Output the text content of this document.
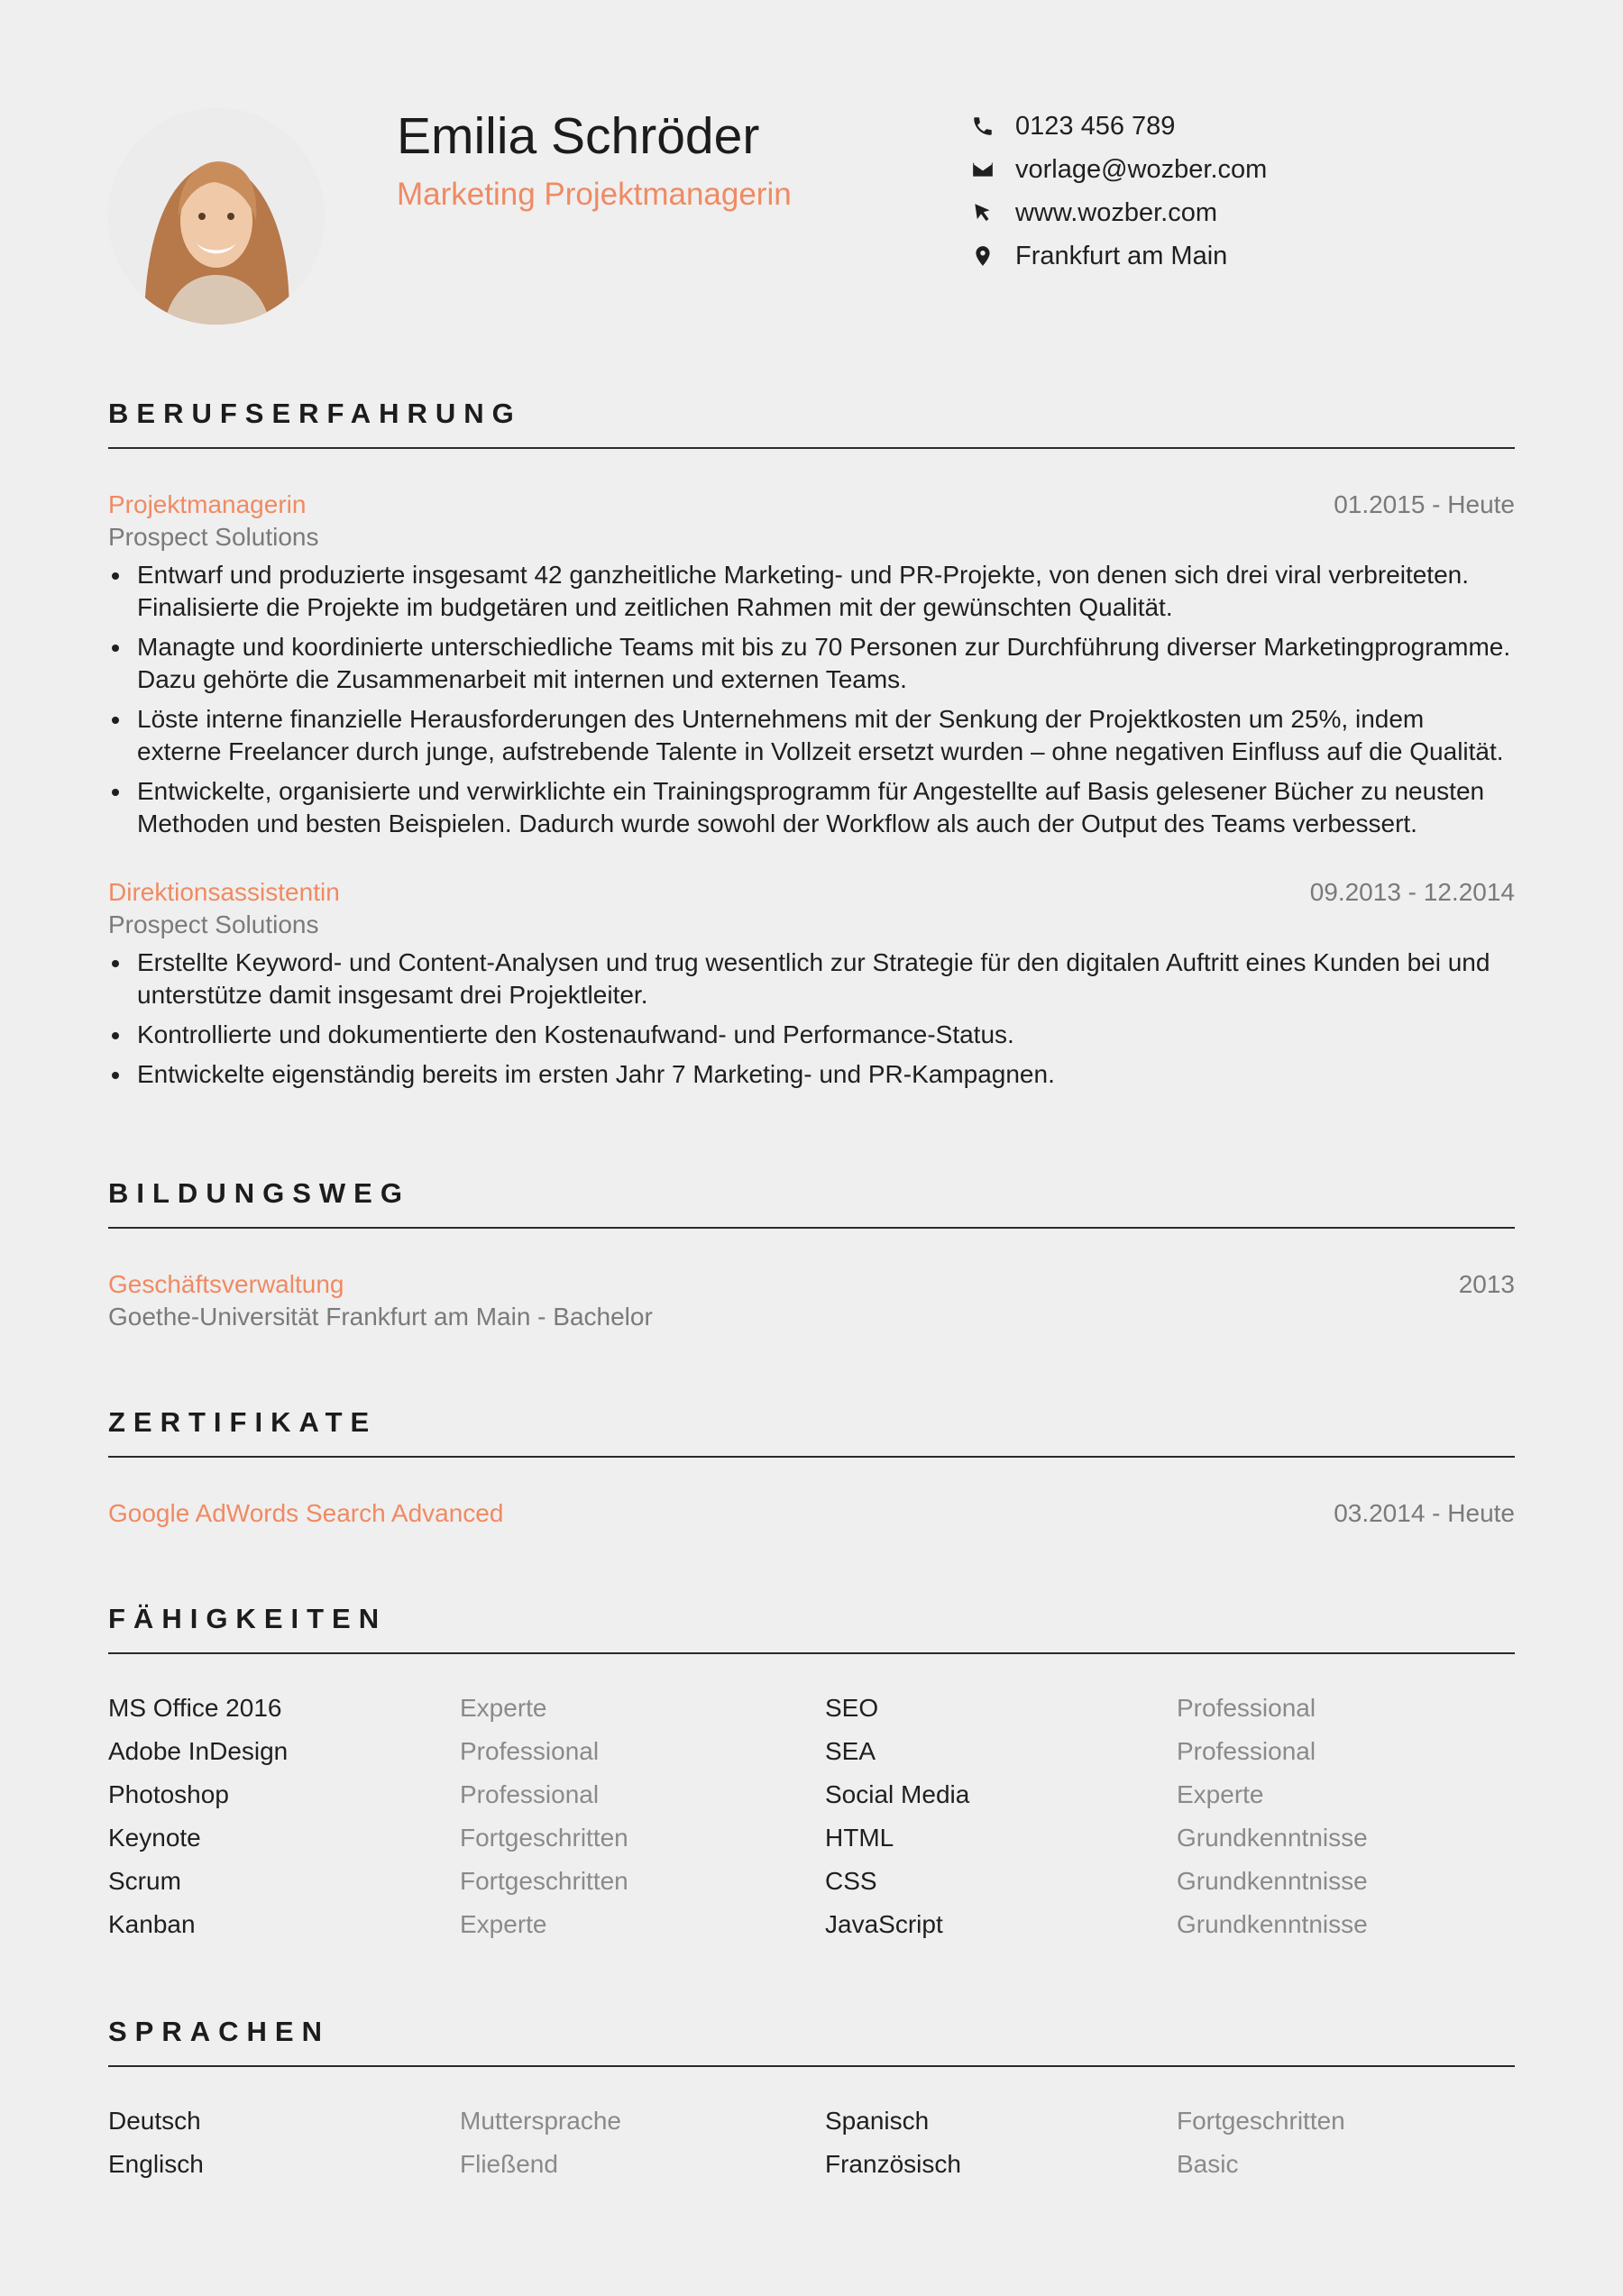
Emilia Schröder
Marketing Projektmanagerin
0123 456 789
vorlage@wozber.com
www.wozber.com
Frankfurt am Main
BERUFSERFAHRUNG
Projektmanagerin	01.2015 - Heute
Prospect Solutions
Entwarf und produzierte insgesamt 42 ganzheitliche Marketing- und PR-Projekte, von denen sich drei viral verbreiteten. Finalisierte die Projekte im budgetären und zeitlichen Rahmen mit der gewünschten Qualität.
Managte und koordinierte unterschiedliche Teams mit bis zu 70 Personen zur Durchführung diverser Marketingprogramme. Dazu gehörte die Zusammenarbeit mit internen und externen Teams.
Löste interne finanzielle Herausforderungen des Unternehmens mit der Senkung der Projektkosten um 25%, indem externe Freelancer durch junge, aufstrebende Talente in Vollzeit ersetzt wurden – ohne negativen Einfluss auf die Qualität.
Entwickelte, organisierte und verwirklichte ein Trainingsprogramm für Angestellte auf Basis gelesener Bücher zu neusten Methoden und besten Beispielen. Dadurch wurde sowohl der Workflow als auch der Output des Teams verbessert.
Direktionsassistentin	09.2013 - 12.2014
Prospect Solutions
Erstellte Keyword- und Content-Analysen und trug wesentlich zur Strategie für den digitalen Auftritt eines Kunden bei und unterstütze damit insgesamt drei Projektleiter.
Kontrollierte und dokumentierte den Kostenaufwand- und Performance-Status.
Entwickelte eigenständig bereits im ersten Jahr 7 Marketing- und PR-Kampagnen.
BILDUNGSWEG
Geschäftsverwaltung	2013
Goethe-Universität Frankfurt am Main - Bachelor
ZERTIFIKATE
Google AdWords Search Advanced	03.2014 - Heute
FÄHIGKEITEN
MS Office 2016	Experte	SEO	Professional
Adobe InDesign	Professional	SEA	Professional
Photoshop	Professional	Social Media	Experte
Keynote	Fortgeschritten	HTML	Grundkenntnisse
Scrum	Fortgeschritten	CSS	Grundkenntnisse
Kanban	Experte	JavaScript	Grundkenntnisse
SPRACHEN
Deutsch	Muttersprache	Spanisch	Fortgeschritten
Englisch	Fließend	Französisch	Basic
